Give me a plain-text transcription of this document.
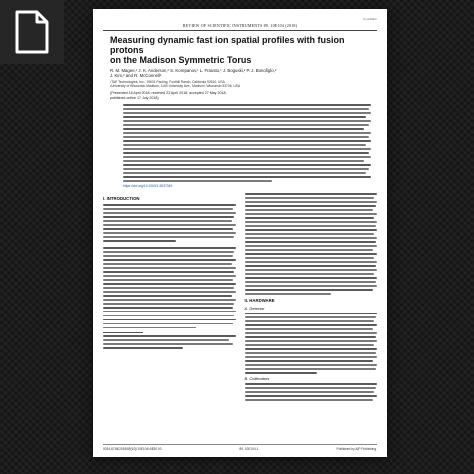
REVIEW OF SCIENTIFIC INSTRUMENTS 89, 10E104 (2018)
CrossMark
Measuring dynamic fast ion spatial profiles with fusion protons
on the Madison Symmetric Torus
R. M. Magee,¹ J. K. Anderson,² S. Korepanov,¹ L. Frausto,¹ J. Boguski,² P. J. Bonofiglo,²
J. Kim,² and R. McConnell²
¹TAE Technologies, Inc., 19631 Pauling, Foothill Ranch, California 92610, USA
²University of Wisconsin-Madison, 1150 University Ave., Madison, Wisconsin 53706, USA
(Presented 18 April 2018; received 23 April 2018; accepted 27 May 2018;
published online 17 July 2018)
https://doi.org/10.1063/1.5037349
I. INTRODUCTION
II. HARDWARE
A. Detector
B. Collimators
0034-6748/2018/89(10)/10E104/4/$30.00	89, 10E104-1	Published by AIP Publishing.
